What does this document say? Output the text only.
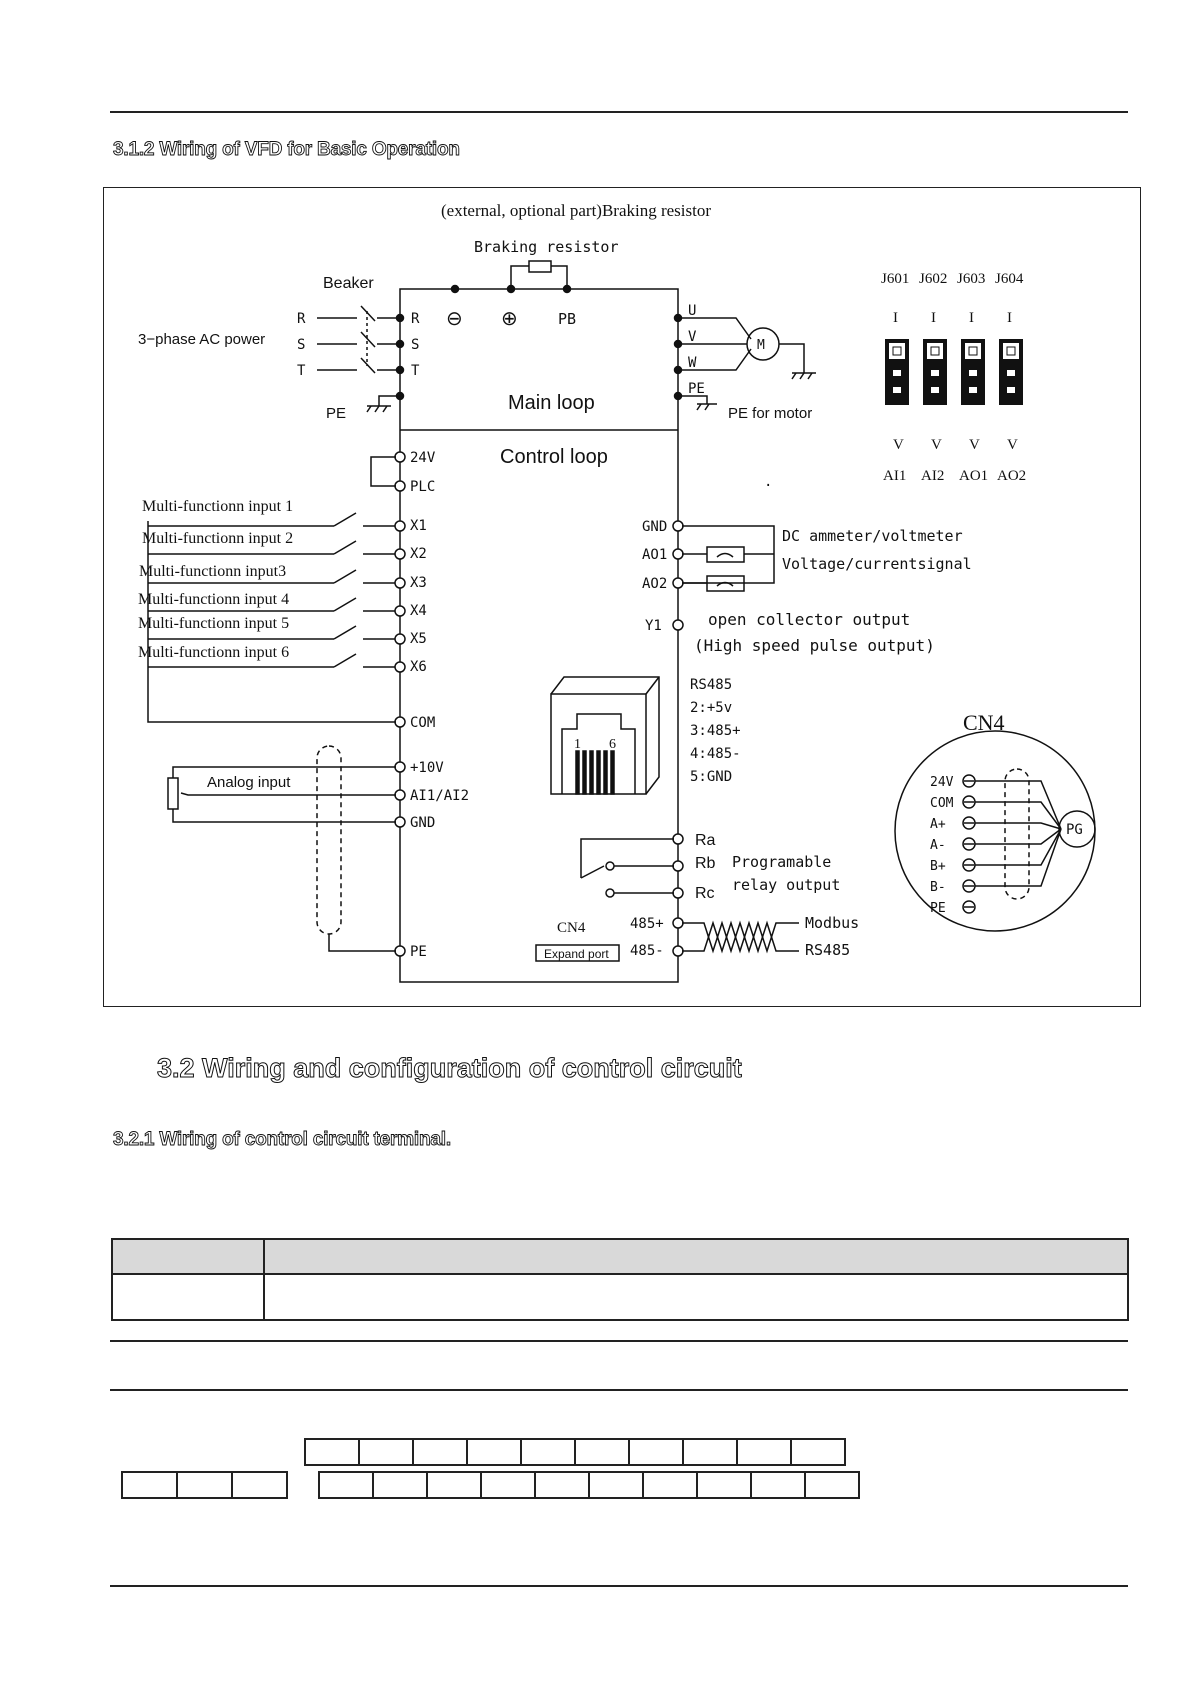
3.1.2 Wiring of VFD for Basic Operation
(external, optional part)Braking resistor
Braking resistor
Main loop
Control loop
⊖ ⊕	PB
Beaker
3−phase AC power
R
S
T
R
S
T
PE
U
V
W
PE
M
PE for motor
J601
I
V
AI1
J602
I
V
AI2
J603
I
V
AO1
J604
I
V
AO2
24V
PLC
Multi-functionn input 1
Multi-functionn input 2
Multi-functionn input3
Multi-functionn input 4
Multi-functionn input 5
Multi-functionn input 6
X1
X2
X3
X4
X5
X6
COM
Analog input
+10V
AI1/AI2
GND
PE
GND
AO1
AO2
Y1
DC ammeter/voltmeter
Voltage/currentsignal
open collector output
(High speed pulse output)
.
1 6
RS485
2:+5v
3:485+
4:485-
5:GND
Ra
Rb
Rc
Programable
relay output
485+
485-
Modbus
RS485
CN4
Expand port
CN4
PG
24V
COM
A+
A-
B+
B-
PE
3.2 Wiring and configuration of control circuit
3.2.1 Wiring of control circuit terminal.
